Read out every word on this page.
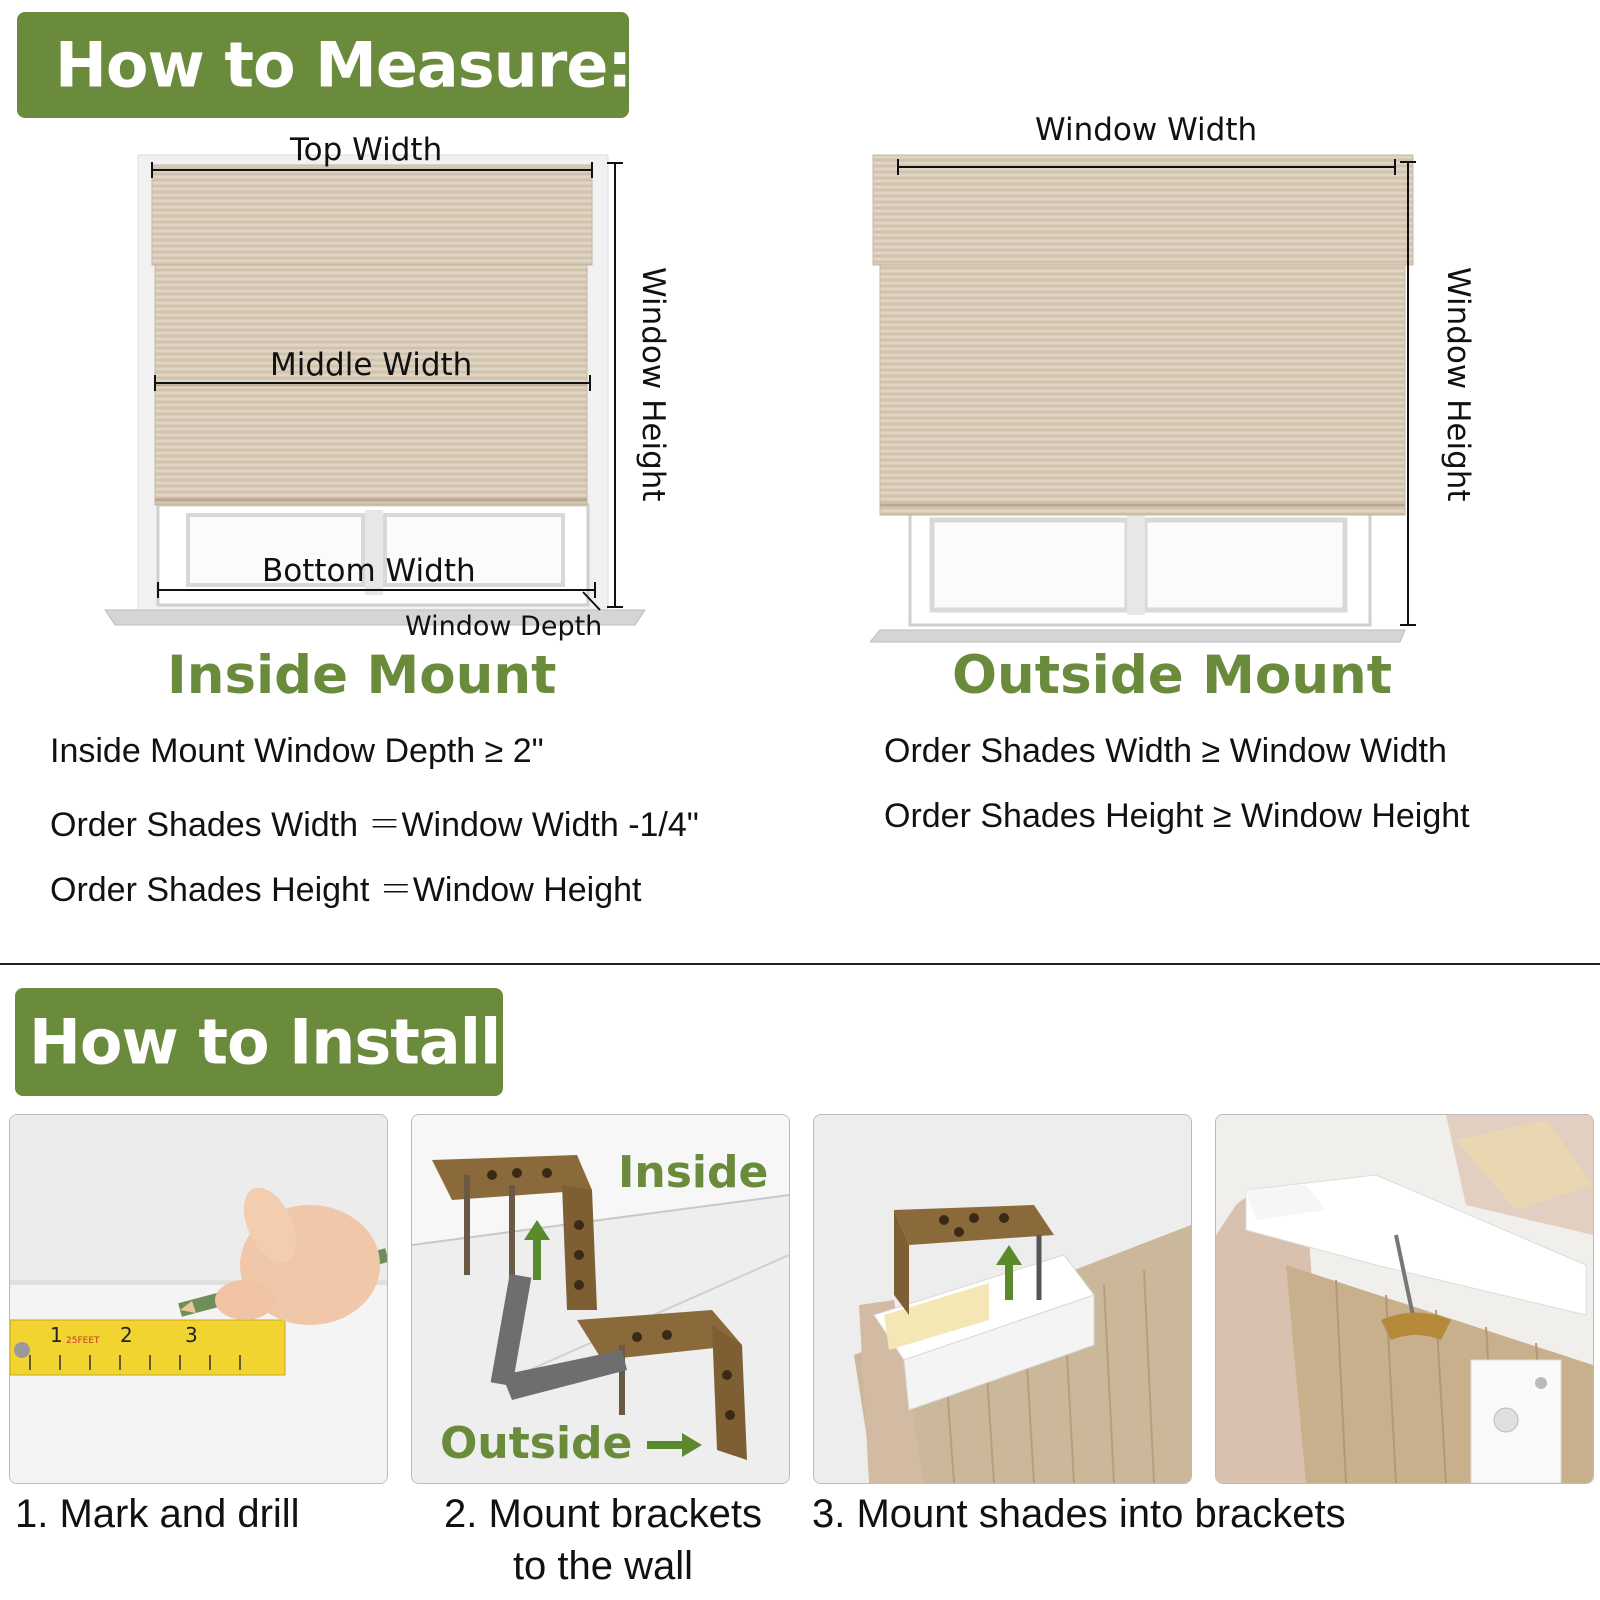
How to Measure:
Top Width
Middle Width
Bottom Width
Window Depth
Window Height
Inside Mount
Inside Mount Window Depth ≥ 2"
Order Shades Width ＝Window Width -1/4"
Order Shades Height ＝Window Height
Window Width
Window Height
Outside Mount
Order Shades Width ≥ Window Width
Order Shades Height ≥ Window Height
How to Install:
1 25FEET 2	3
Inside
Outside
1. Mark and drill	2. Mount brackets
to the wall
3. Mount shades into brackets
